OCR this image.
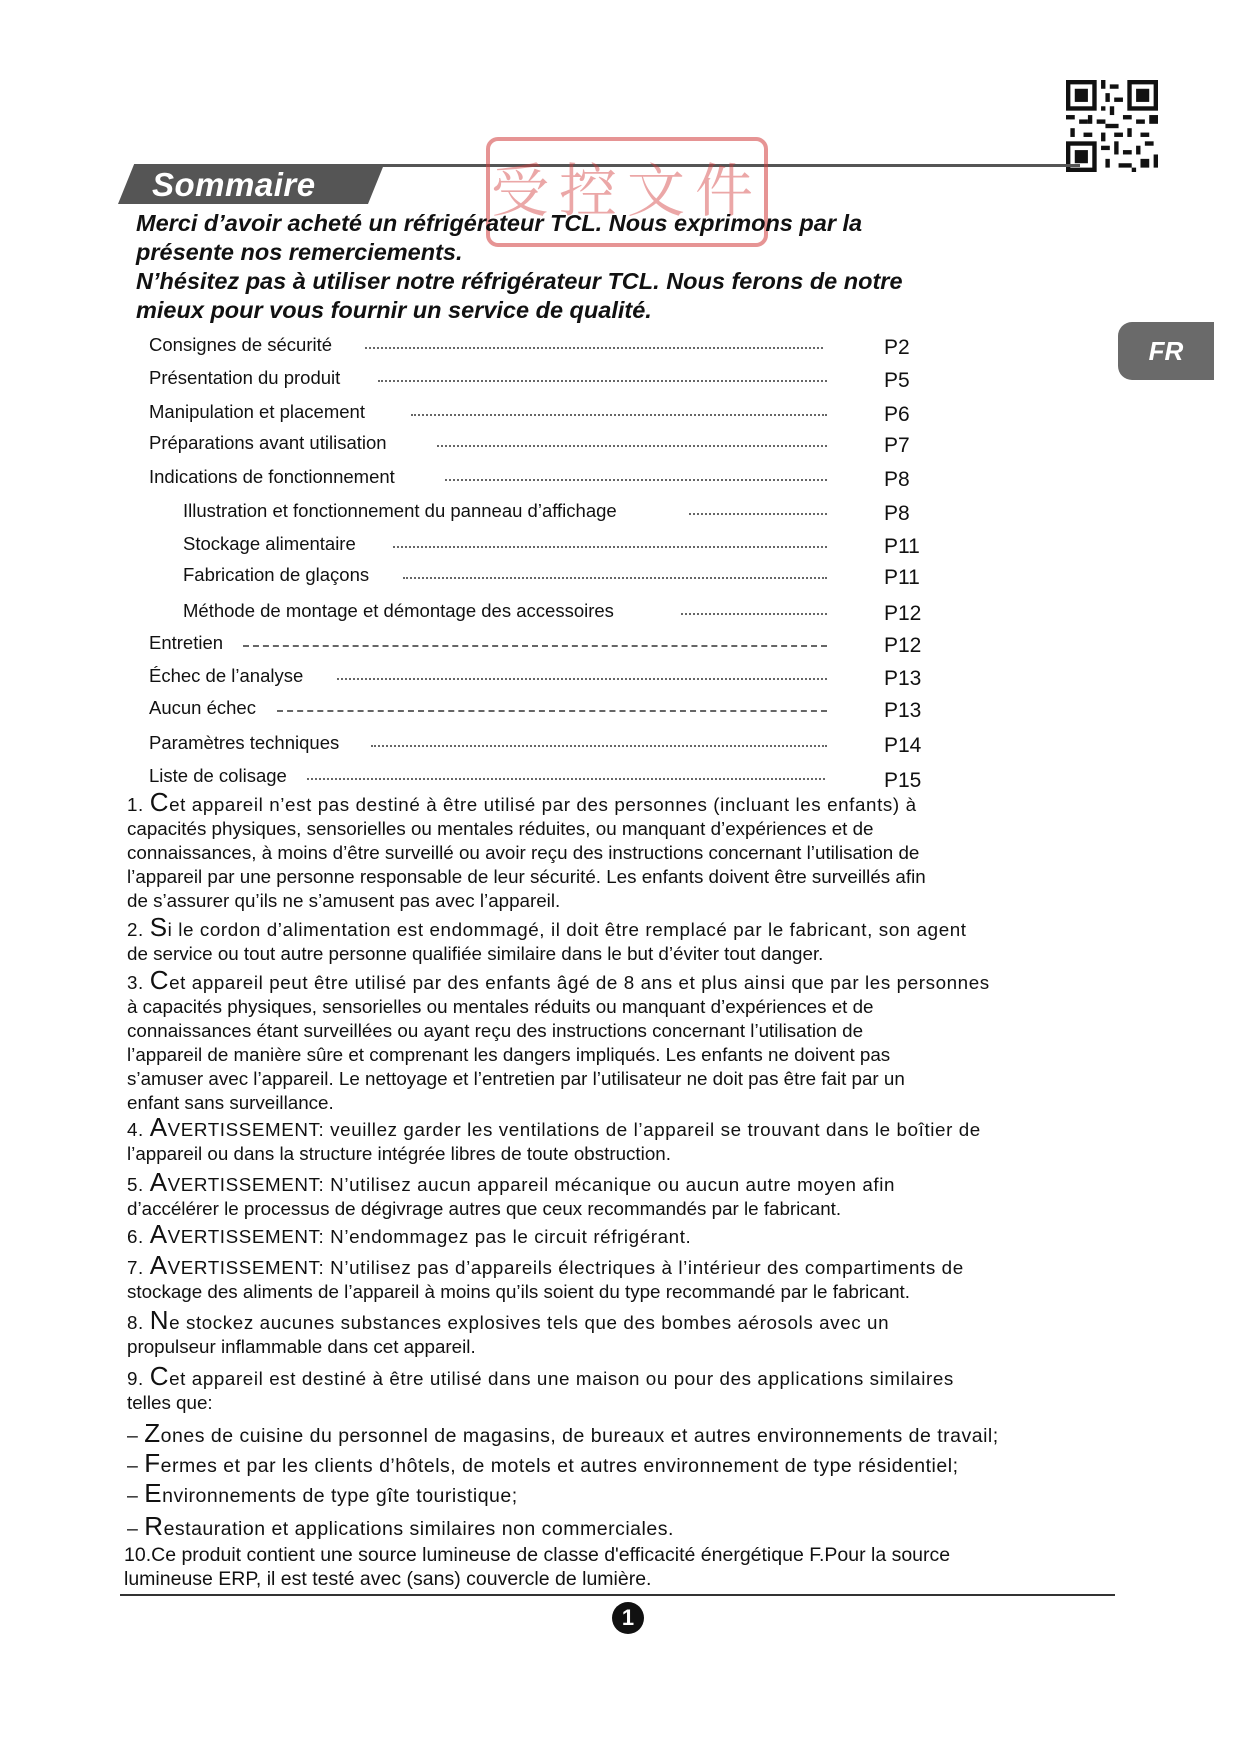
Sommaire	受控文件
FR
Merci d’avoir acheté un réfrigérateur TCL. Nous exprimons par la
présente nos remerciements.
N’hésitez pas à utiliser notre réfrigérateur TCL. Nous ferons de notre
mieux pour vous fournir un service de qualité.
Consignes de sécurité	P2
Présentation du produit	P5
Manipulation et placement	P6
Préparations avant utilisation	P7
Indications de fonctionnement	P8
Illustration et fonctionnement du panneau d’affichage	P8
Stockage alimentaire	P11
Fabrication de glaçons	P11
Méthode de montage et démontage des accessoires	P12
Entretien	P12
Échec de l’analyse	P13
Aucun échec	P13
Paramètres techniques	P14
Liste de colisage	P15

1. Cet appareil n’est pas destiné à être utilisé par des personnes (incluant les enfants) à

capacités physiques, sensorielles ou mentales réduites, ou manquant d’expériences et de

connaissances, à moins d’être surveillé ou avoir reçu des instructions concernant l’utilisation de

l’appareil par une personne responsable de leur sécurité. Les enfants doivent être surveillés afin

de s’assurer qu’ils ne s’amusent pas avec l’appareil.

2. Si le cordon d’alimentation est endommagé, il doit être remplacé par le fabricant, son agent

de service ou tout autre personne qualifiée similaire dans le but d’éviter tout danger.

3. Cet appareil peut être utilisé par des enfants âgé de 8 ans et plus ainsi que par les personnes

à capacités physiques, sensorielles ou mentales réduits ou manquant d’expériences et de

connaissances étant surveillées ou ayant reçu des instructions concernant l’utilisation de

l’appareil de manière sûre et comprenant les dangers impliqués. Les enfants ne doivent pas

s’amuser avec l’appareil. Le nettoyage et l’entretien par l’utilisateur ne doit pas être fait par un

enfant sans surveillance.

4. AVERTISSEMENT: veuillez garder les ventilations de l’appareil se trouvant dans le boîtier de

l’appareil ou dans la structure intégrée libres de toute obstruction.

5. AVERTISSEMENT: N’utilisez aucun appareil mécanique ou aucun autre moyen afin

d’accélérer le processus de dégivrage autres que ceux recommandés par le fabricant.

6. AVERTISSEMENT: N’endommagez pas le circuit réfrigérant.

7. AVERTISSEMENT: N’utilisez pas d’appareils électriques à l’intérieur des compartiments de

stockage des aliments de l’appareil à moins qu’ils soient du type recommandé par le fabricant.

8. Ne stockez aucunes substances explosives tels que des bombes aérosols avec un

propulseur inflammable dans cet appareil.

9. Cet appareil est destiné à être utilisé dans une maison ou pour des applications similaires

telles que:

– Zones de cuisine du personnel de magasins, de bureaux et autres environnements de travail;
– Fermes et par les clients d’hôtels, de motels et autres environnement de type résidentiel;
– Environnements de type gîte touristique;
– Restauration et applications similaires non commerciales.

10.Ce produit contient une source lumineuse de classe d'efficacité énergétique F.Pour la source

lumineuse ERP, il est testé avec (sans) couvercle de lumière.

1
